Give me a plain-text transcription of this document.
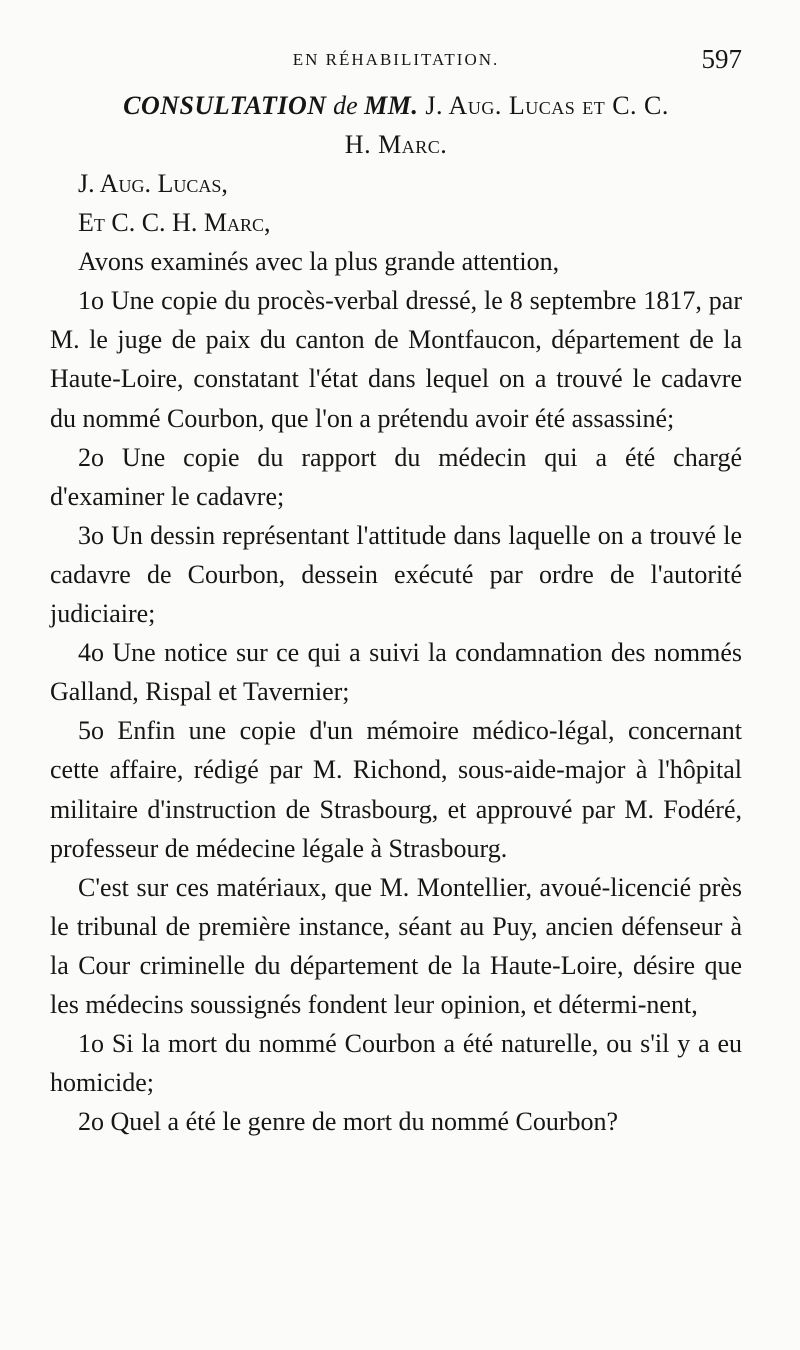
EN RÉHABILITATION.	597
CONSULTATION de MM. J. Aug. Lucas et C. C.
H. Marc.

J. Aug. Lucas,

Et C. C. H. Marc,

Avons examinés avec la plus grande attention,

1o Une copie du procès-verbal dressé, le 8 septembre 1817, par M. le juge de paix du canton de Montfaucon, département de la Haute-Loire, constatant l'état dans lequel on a trouvé le cadavre du nommé Courbon, que l'on a prétendu avoir été assassiné;

2o Une copie du rapport du médecin qui a été chargé d'examiner le cadavre;

3o Un dessin représentant l'attitude dans laquelle on a trouvé le cadavre de Courbon, dessein exécuté par ordre de l'autorité judiciaire;

4o Une notice sur ce qui a suivi la condamnation des nommés Galland, Rispal et Tavernier;

5o Enfin une copie d'un mémoire médico-légal, concernant cette affaire, rédigé par M. Richond, sous-aide-major à l'hôpital militaire d'instruction de Strasbourg, et approuvé par M. Fodéré, professeur de médecine légale à Strasbourg.

C'est sur ces matériaux, que M. Montellier, avoué-licencié près le tribunal de première instance, séant au Puy, ancien défenseur à la Cour criminelle du département de la Haute-Loire, désire que les médecins soussignés fondent leur opinion, et détermi-nent,

1o Si la mort du nommé Courbon a été naturelle, ou s'il y a eu homicide;

2o Quel a été le genre de mort du nommé Courbon?
